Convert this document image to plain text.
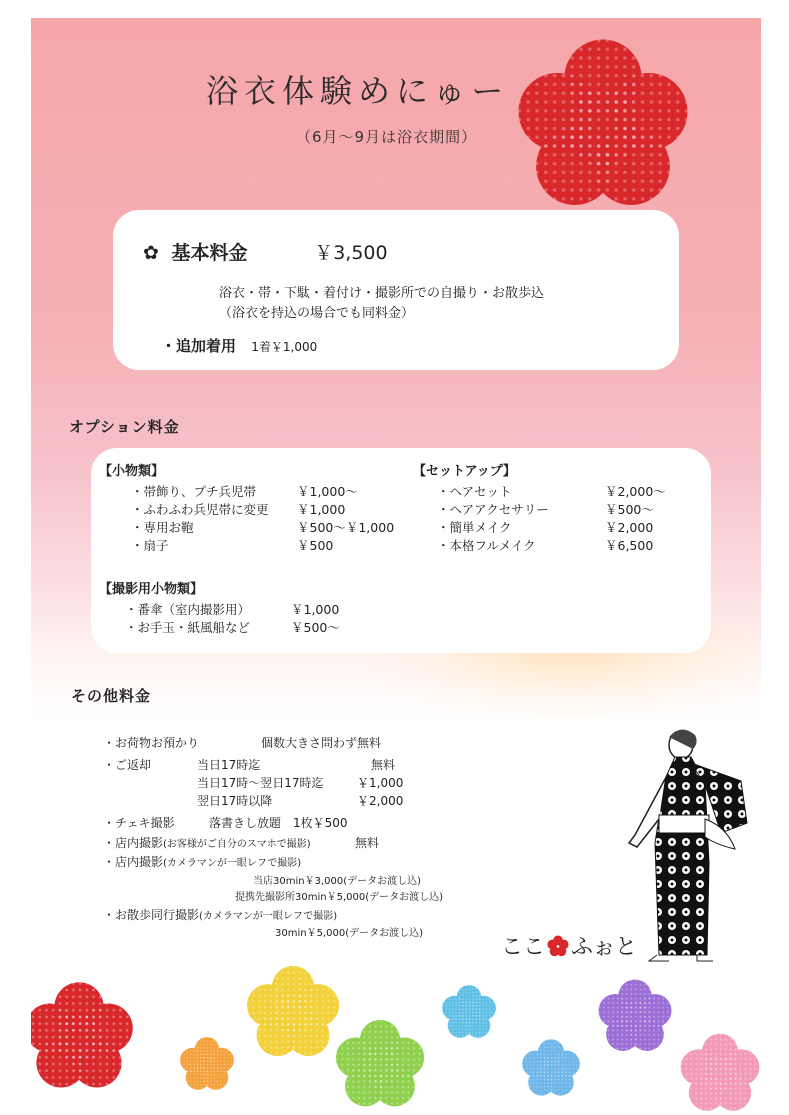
浴衣体験めにゅー
（6月〜9月は浴衣期間）
✿ 基本料金	￥3,500
浴衣・帯・下駄・着付け・撮影所での自撮り・お散歩込
（浴衣を持込の場合でも同料金）
・追加着用 1着￥1,000
オプション料金
【小物類】
・帯飾り、プチ兵児帯	￥1,000〜
・ふわふわ兵児帯に変更 ￥1,000
・専用お鞄	￥500〜￥1,000
・扇子	￥500
【セットアップ】
・ヘアセット	￥2,000〜
・ヘアアクセサリー	￥500〜
・簡単メイク	￥2,000
・本格フルメイク	￥6,500
【撮影用小物類】
・番傘（室内撮影用）	￥1,000
・お手玉・紙風船など	￥500〜
その他料金
・お荷物お預かり	個数大きさ問わず無料
・ご返却	当日17時迄	無料
当日17時〜翌日17時迄	￥1,000
翌日17時以降	￥2,000
・チェキ撮影	落書きし放題　1枚￥500
・店内撮影(お客様がご自分のスマホで撮影)	無料
・店内撮影(カメラマンが一眼レフで撮影)
当店30min￥3,000(データお渡し込)
提携先撮影所30min￥5,000(データお渡し込)
・お散歩同行撮影(カメラマンが一眼レフで撮影)
30min￥5,000(データお渡し込)
ここ ふぉと
